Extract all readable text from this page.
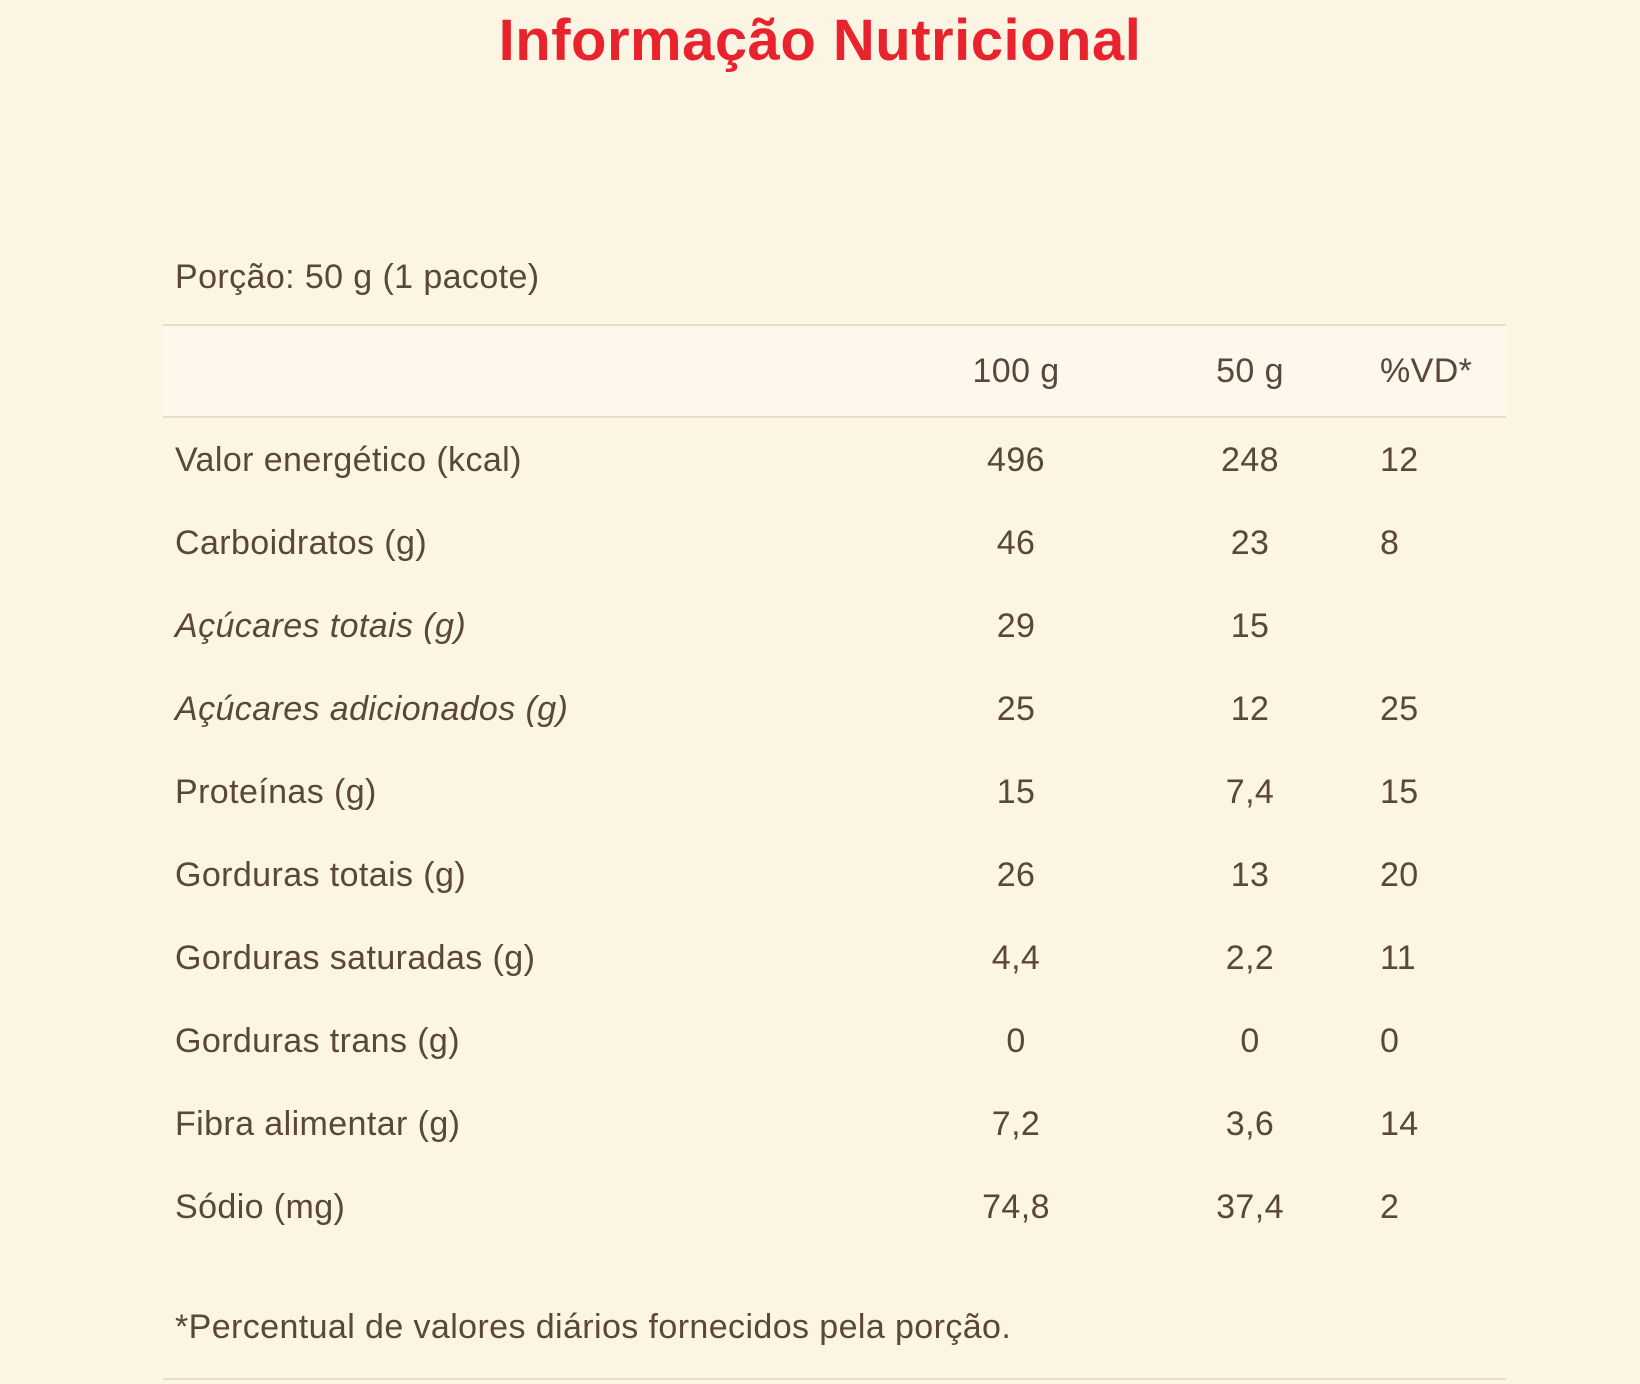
Informação Nutricional
Porção: 50 g (1 pacote)
100 g	50 g	%VD*
Valor energético (kcal)	496	248	12
Carboidratos (g)	46	23	8
Açúcares totais (g)	29	15
Açúcares adicionados (g)	25	12	25
Proteínas (g)	15	7,4	15
Gorduras totais (g)	26	13	20
Gorduras saturadas (g)	4,4	2,2	11
Gorduras trans (g)	0	0	0
Fibra alimentar (g)	7,2	3,6	14
Sódio (mg)	74,8	37,4	2
*Percentual de valores diários fornecidos pela porção.
